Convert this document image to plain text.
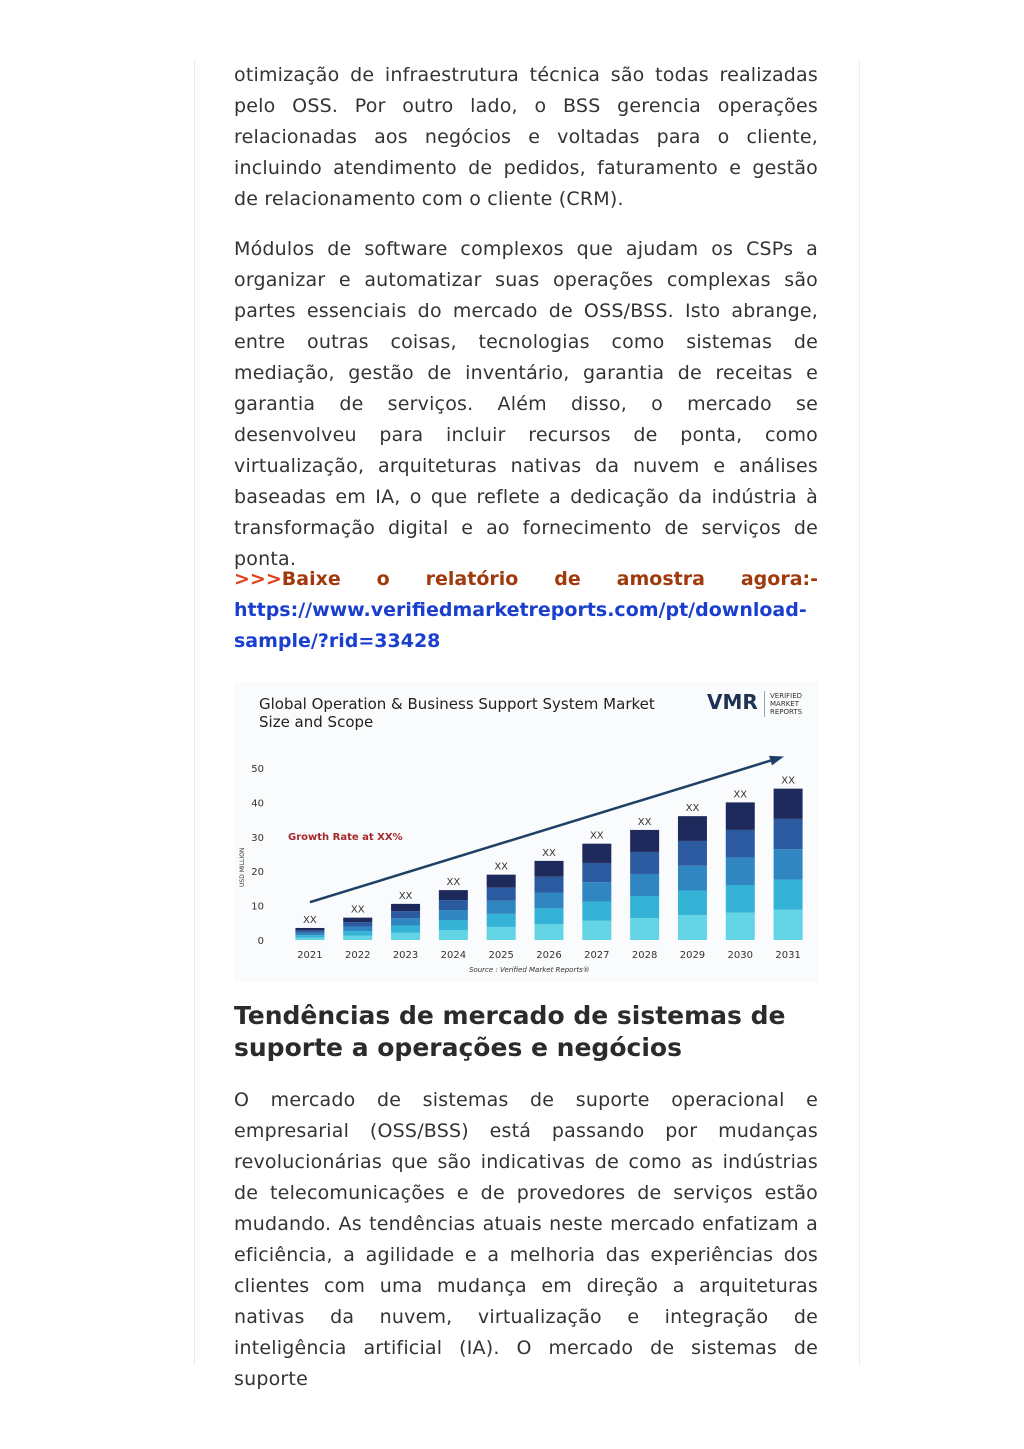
otimização de infraestrutura técnica são todas realizadas pelo OSS. Por outro lado, o BSS gerencia operações relacionadas aos negócios e voltadas para o cliente, incluindo atendimento de pedidos, faturamento e gestão de relacionamento com o cliente (CRM).

Módulos de software complexos que ajudam os CSPs a organizar e automatizar suas operações complexas são partes essenciais do mercado de OSS/BSS. Isto abrange, entre outras coisas, tecnologias como sistemas de mediação, gestão de inventário, garantia de receitas e garantia de serviços. Além disso, o mercado se desenvolveu para incluir recursos de ponta, como virtualização, arquiteturas nativas da nuvem e análises baseadas em IA, o que reflete a dedicação da indústria à transformação digital e ao fornecimento de serviços de ponta.

>>>Baixe o relatório de amostra agora:-
https://www.verifiedmarketreports.com/pt/download-
sample/?rid=33428
Global Operation & Business Support System Market
Size and Scope
VMR VERIFIED
MARKET
REPORTS
USD MILLION
Growth Rate at XX%
Source : Verified Market Reports®
0
10
20
30
40
50
XX
XX
XX
XX
XX
XX
XX
XX
XX
XX
XX
2021 2022 2023 2024 2025 2026 2027 2028 2029 2030 2031
Tendências de mercado de sistemas de suporte a operações e negócios

O mercado de sistemas de suporte operacional e empresarial (OSS/BSS) está passando por mudanças revolucionárias que são indicativas de como as indústrias de telecomunicações e de provedores de serviços estão mudando. As tendências atuais neste mercado enfatizam a eficiência, a agilidade e a melhoria das experiências dos clientes com uma mudança em direção a arquiteturas nativas da nuvem, virtualização e integração de inteligência artificial (IA). O mercado de sistemas de suporte
